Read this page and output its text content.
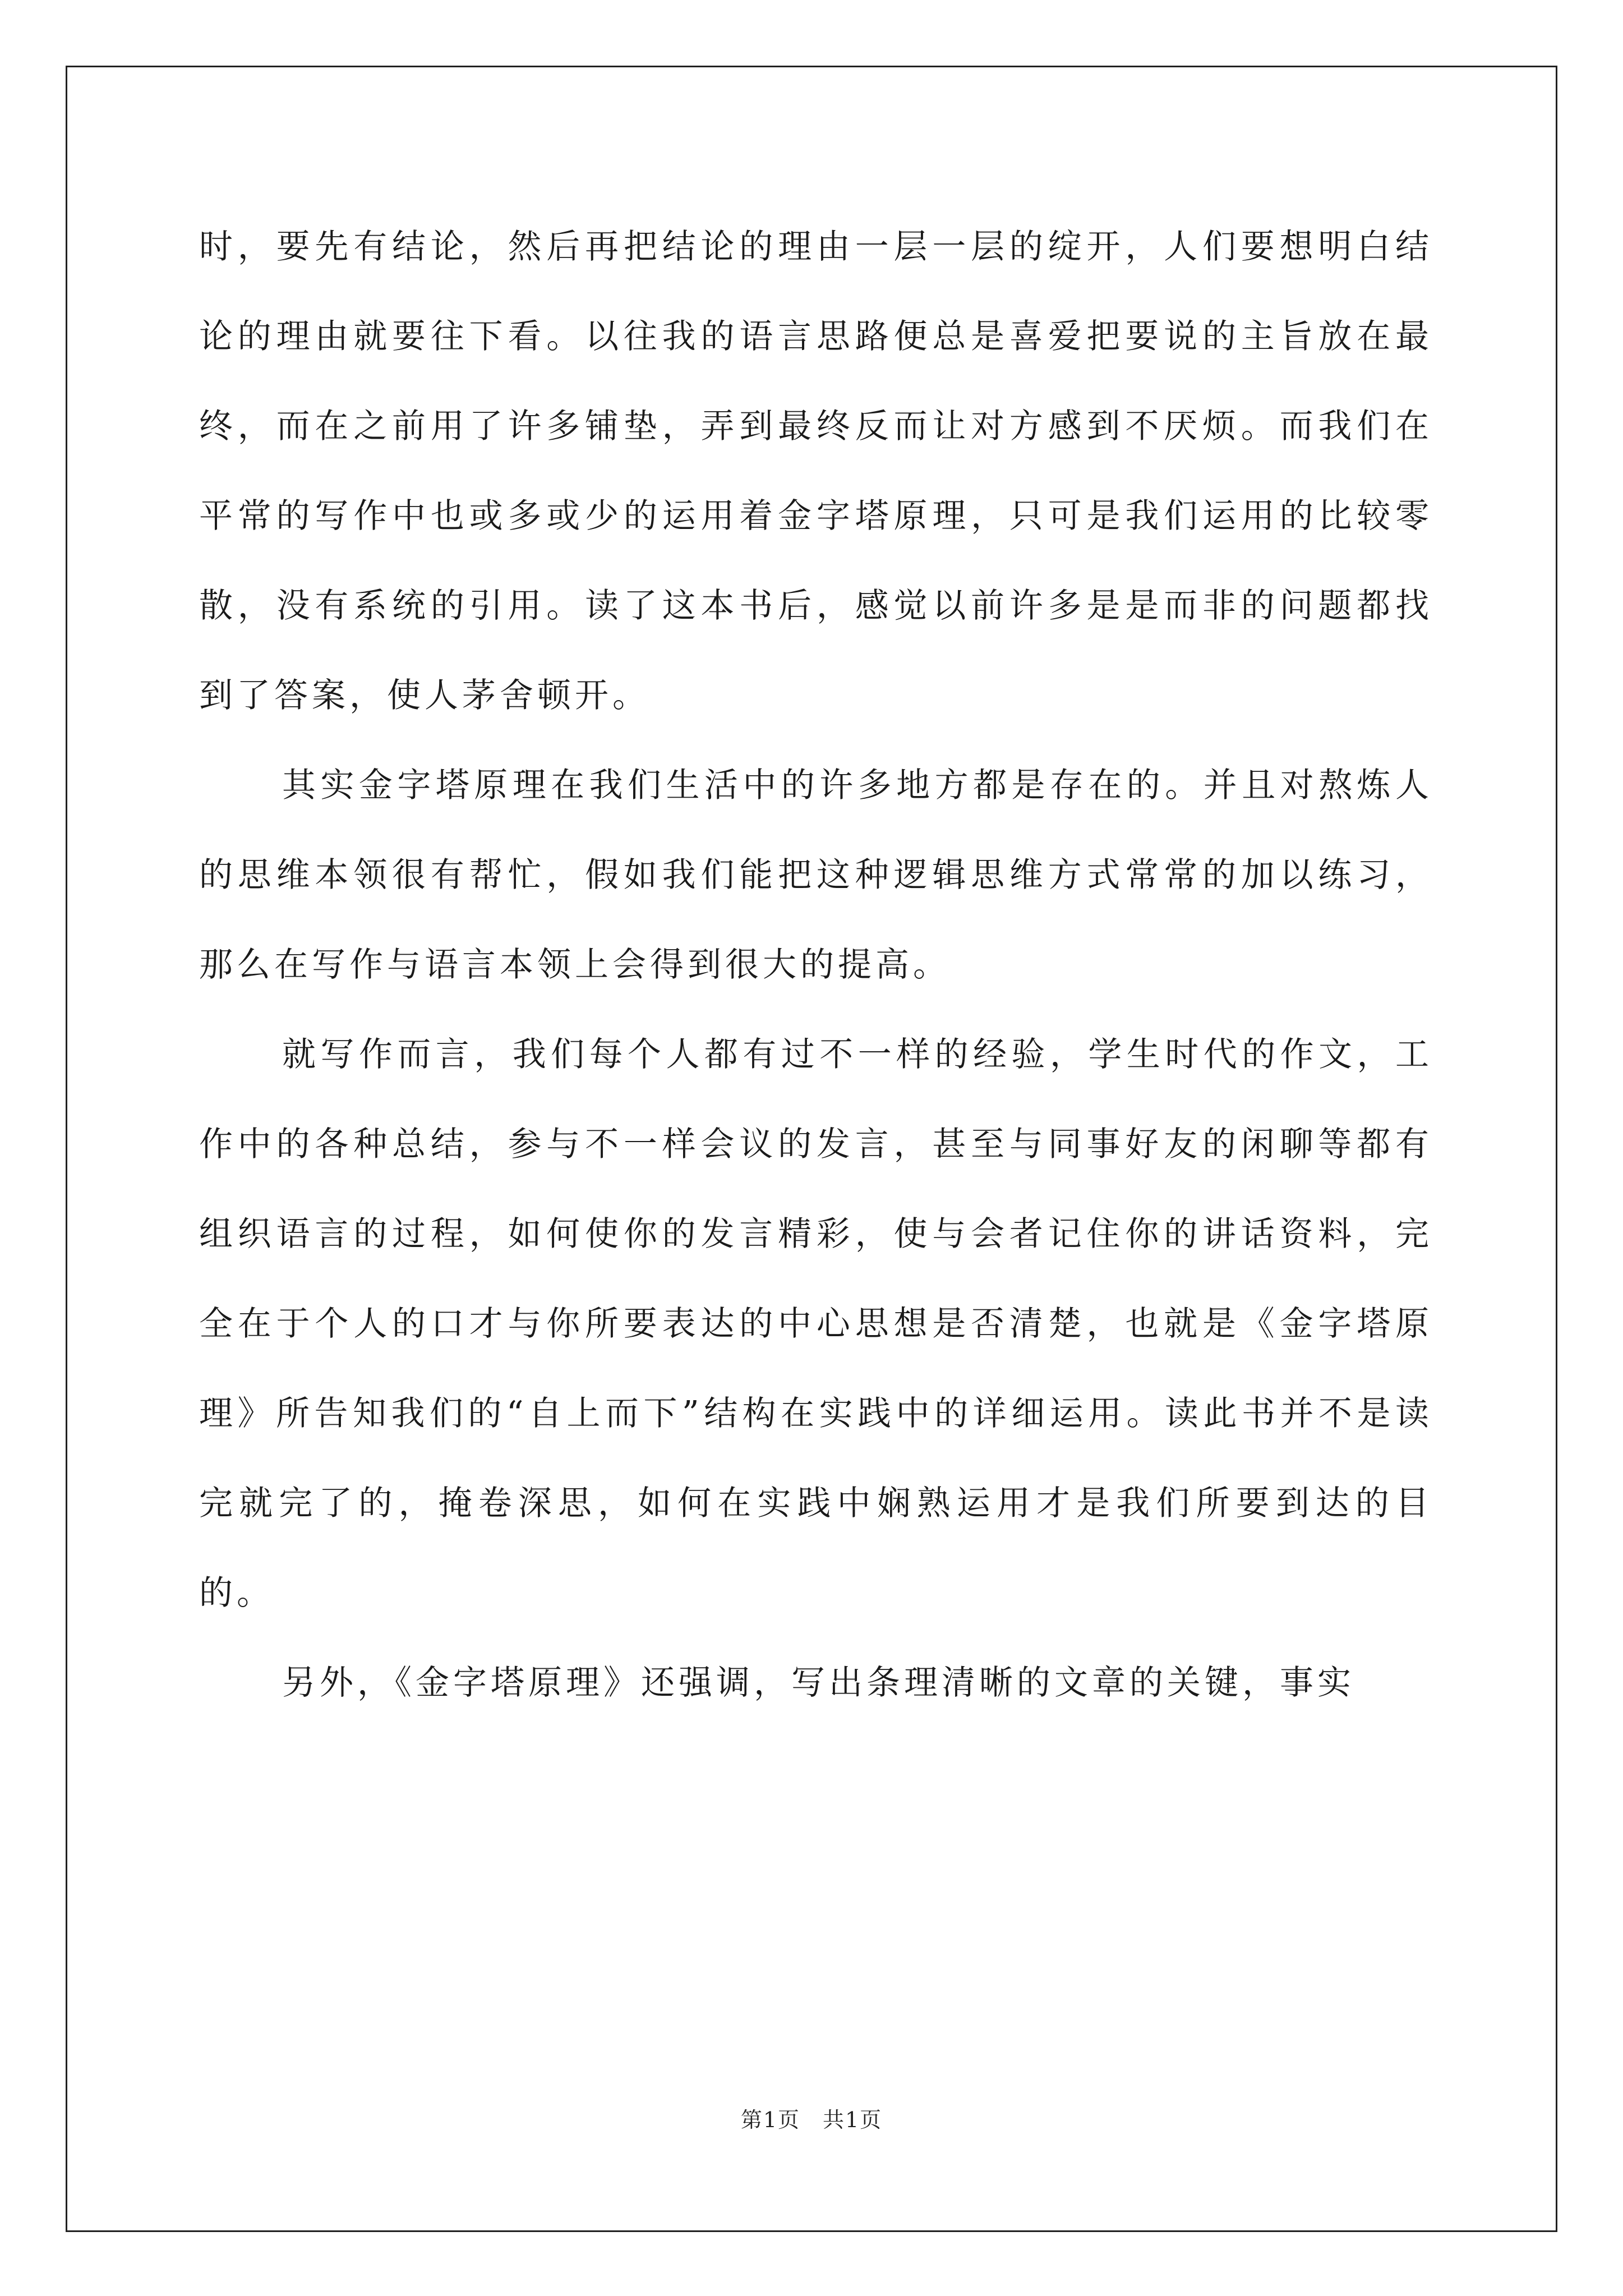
时，要先有结论，然后再把结论的理由一层一层的绽开，人们要想明白结论的理由就要往下看。以往我的语言思路便总是喜爱把要说的主旨放在最终，而在之前用了许多铺垫，弄到最终反而让对方感到不厌烦。而我们在平常的写作中也或多或少的运用着金字塔原理，只可是我们运用的比较零散，没有系统的引用。读了这本书后，感觉以前许多是是而非的问题都找到了答案，使人茅舍顿开。

其实金字塔原理在我们生活中的许多地方都是存在的。并且对熬炼人的思维本领很有帮忙，假如我们能把这种逻辑思维方式常常的加以练习，那么在写作与语言本领上会得到很大的提高。

就写作而言，我们每个人都有过不一样的经验，学生时代的作文，工作中的各种总结，参与不一样会议的发言，甚至与同事好友的闲聊等都有组织语言的过程，如何使你的发言精彩，使与会者记住你的讲话资料，完全在于个人的口才与你所要表达的中心思想是否清楚，也就是《金字塔原理》所告知我们的“自上而下”结构在实践中的详细运用。读此书并不是读完就完了的，掩卷深思，如何在实践中娴熟运用才是我们所要到达的目的。

另外，《金字塔原理》还强调，写出条理清晰的文章的关键，事实

第1页　共1页
